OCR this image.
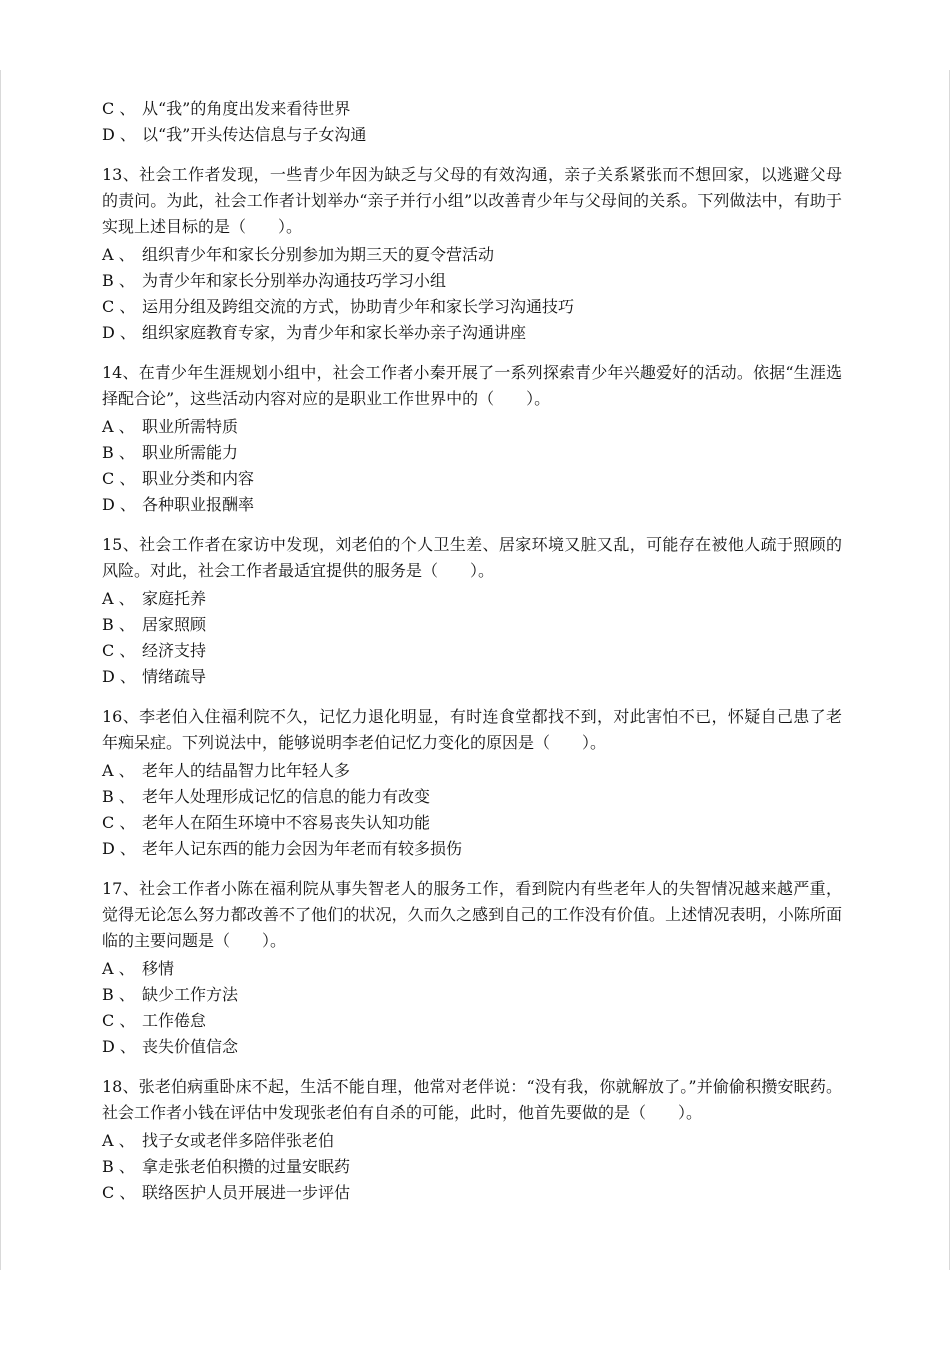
C 、 从“我”的角度出发来看待世界
D 、 以“我”开头传达信息与子女沟通

13、社会工作者发现，一些青少年因为缺乏与父母的有效沟通，亲子关系紧张而不想回家，以逃避父母的责问。为此，社会工作者计划举办“亲子并行小组”以改善青少年与父母间的关系。下列做法中，有助于实现上述目标的是（　　）。

A 、 组织青少年和家长分别参加为期三天的夏令营活动
B 、 为青少年和家长分别举办沟通技巧学习小组
C 、 运用分组及跨组交流的方式，协助青少年和家长学习沟通技巧
D 、 组织家庭教育专家，为青少年和家长举办亲子沟通讲座

14、在青少年生涯规划小组中，社会工作者小秦开展了一系列探索青少年兴趣爱好的活动。依据“生涯选择配合论”，这些活动内容对应的是职业工作世界中的（　　）。

A 、 职业所需特质
B 、 职业所需能力
C 、 职业分类和内容
D 、 各种职业报酬率

15、社会工作者在家访中发现，刘老伯的个人卫生差、居家环境又脏又乱，可能存在被他人疏于照顾的风险。对此，社会工作者最适宜提供的服务是（　　）。

A 、 家庭托养
B 、 居家照顾
C 、 经济支持
D 、 情绪疏导

16、李老伯入住福利院不久，记忆力退化明显，有时连食堂都找不到，对此害怕不已，怀疑自己患了老年痴呆症。下列说法中，能够说明李老伯记忆力变化的原因是（　　）。

A 、 老年人的结晶智力比年轻人多
B 、 老年人处理形成记忆的信息的能力有改变
C 、 老年人在陌生环境中不容易丧失认知功能
D 、 老年人记东西的能力会因为年老而有较多损伤

17、社会工作者小陈在福利院从事失智老人的服务工作，看到院内有些老年人的失智情况越来越严重，觉得无论怎么努力都改善不了他们的状况，久而久之感到自己的工作没有价值。上述情况表明，小陈所面临的主要问题是（　　）。

A 、 移情
B 、 缺少工作方法
C 、 工作倦怠
D 、 丧失价值信念

18、张老伯病重卧床不起，生活不能自理，他常对老伴说：“没有我，你就解放了。”并偷偷积攒安眠药。社会工作者小钱在评估中发现张老伯有自杀的可能，此时，他首先要做的是（　　）。

A 、 找子女或老伴多陪伴张老伯
B 、 拿走张老伯积攒的过量安眠药
C 、 联络医护人员开展进一步评估
